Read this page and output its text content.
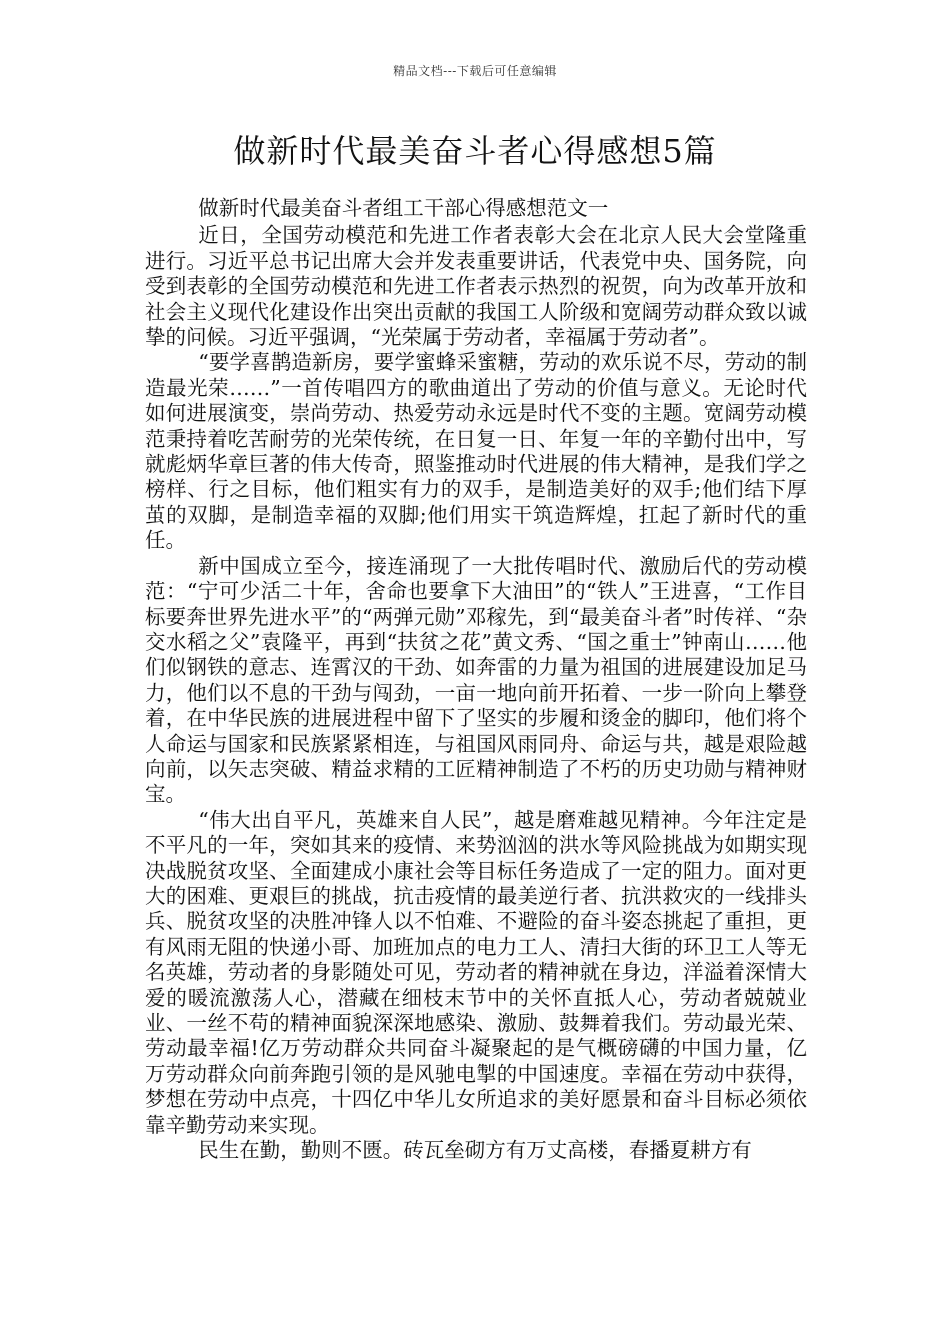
精品文档---下载后可任意编辑
做新时代最美奋斗者心得感想5篇

做新时代最美奋斗者组工干部心得感想范文一

近日，全国劳动模范和先进工作者表彰大会在北京人民大会堂隆重进行。习近平总书记出席大会并发表重要讲话，代表党中央、国务院，向受到表彰的全国劳动模范和先进工作者表示热烈的祝贺，向为改革开放和社会主义现代化建设作出突出贡献的我国工人阶级和宽阔劳动群众致以诚挚的问候。习近平强调，“光荣属于劳动者，幸福属于劳动者”。

“要学喜鹊造新房，要学蜜蜂采蜜糖，劳动的欢乐说不尽，劳动的制造最光荣……”一首传唱四方的歌曲道出了劳动的价值与意义。无论时代如何进展演变，崇尚劳动、热爱劳动永远是时代不变的主题。宽阔劳动模范秉持着吃苦耐劳的光荣传统，在日复一日、年复一年的辛勤付出中，写就彪炳华章巨著的伟大传奇，照鉴推动时代进展的伟大精神，是我们学之榜样、行之目标，他们粗实有力的双手，是制造美好的双手;他们结下厚茧的双脚，是制造幸福的双脚;他们用实干筑造辉煌，扛起了新时代的重任。

新中国成立至今，接连涌现了一大批传唱时代、激励后代的劳动模范：“宁可少活二十年，舍命也要拿下大油田”的“铁人”王进喜，“工作目标要奔世界先进水平”的“两弹元勋”邓稼先，到“最美奋斗者”时传祥、“杂交水稻之父”袁隆平，再到“扶贫之花”黄文秀、“国之重士”钟南山……他们似钢铁的意志、连霄汉的干劲、如奔雷的力量为祖国的进展建设加足马力，他们以不息的干劲与闯劲，一亩一地向前开拓着、一步一阶向上攀登着，在中华民族的进展进程中留下了坚实的步履和烫金的脚印，他们将个人命运与国家和民族紧紧相连，与祖国风雨同舟、命运与共，越是艰险越向前，以矢志突破、精益求精的工匠精神制造了不朽的历史功勋与精神财宝。

“伟大出自平凡，英雄来自人民”，越是磨难越见精神。今年注定是不平凡的一年，突如其来的疫情、来势汹汹的洪水等风险挑战为如期实现决战脱贫攻坚、全面建成小康社会等目标任务造成了一定的阻力。面对更大的困难、更艰巨的挑战，抗击疫情的最美逆行者、抗洪救灾的一线排头兵、脱贫攻坚的决胜冲锋人以不怕难、不避险的奋斗姿态挑起了重担，更有风雨无阻的快递小哥、加班加点的电力工人、清扫大街的环卫工人等无名英雄，劳动者的身影随处可见，劳动者的精神就在身边，洋溢着深情大爱的暖流激荡人心，潜藏在细枝末节中的关怀直抵人心，劳动者兢兢业业、一丝不苟的精神面貌深深地感染、激励、鼓舞着我们。劳动最光荣、劳动最幸福!亿万劳动群众共同奋斗凝聚起的是气概磅礴的中国力量，亿万劳动群众向前奔跑引领的是风驰电掣的中国速度。幸福在劳动中获得，梦想在劳动中点亮，十四亿中华儿女所追求的美好愿景和奋斗目标必须依靠辛勤劳动来实现。

民生在勤，勤则不匮。砖瓦垒砌方有万丈高楼，春播夏耕方有
